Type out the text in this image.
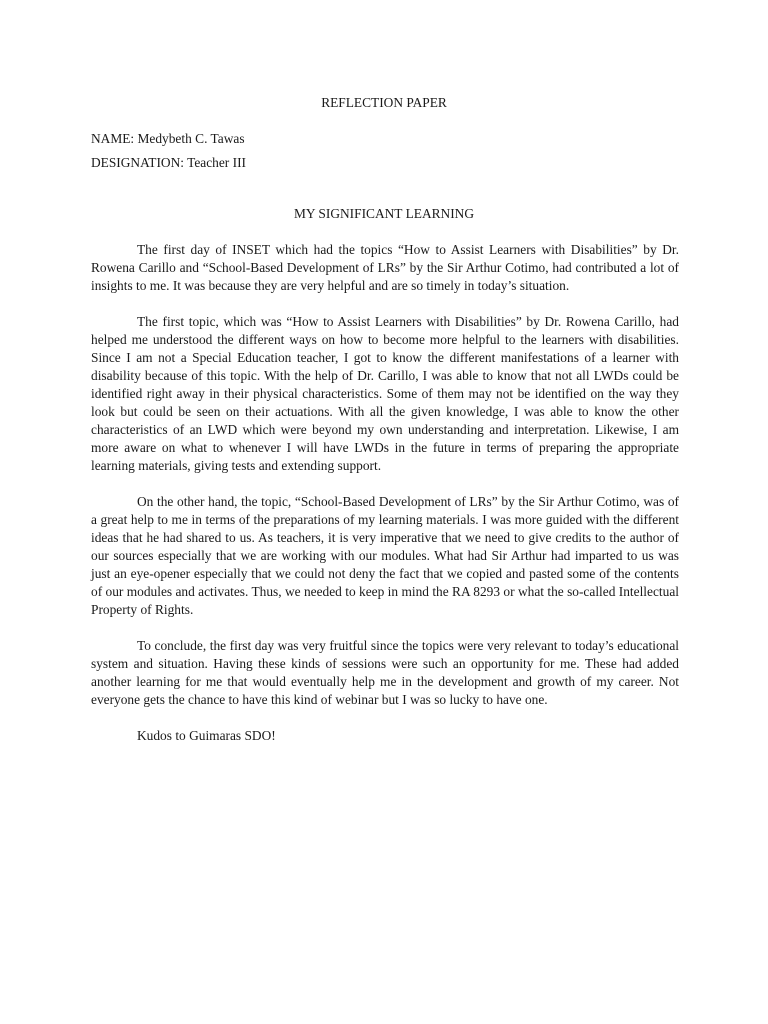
REFLECTION PAPER
NAME: Medybeth C. Tawas
DESIGNATION: Teacher III
MY SIGNIFICANT LEARNING

The first day of INSET which had the topics “How to Assist Learners with Disabilities” by Dr. Rowena Carillo and “School-Based Development of LRs” by the Sir Arthur Cotimo, had contributed a lot of insights to me. It was because they are very helpful and are so timely in today’s situation.

The first topic, which was “How to Assist Learners with Disabilities” by Dr. Rowena Carillo, had helped me understood the different ways on how to become more helpful to the learners with disabilities. Since I am not a Special Education teacher, I got to know the different manifestations of a learner with disability because of this topic. With the help of Dr. Carillo, I was able to know that not all LWDs could be identified right away in their physical characteristics. Some of them may not be identified on the way they look but could be seen on their actuations. With all the given knowledge, I was able to know the other characteristics of an LWD which were beyond my own understanding and interpretation. Likewise, I am more aware on what to whenever I will have LWDs in the future in terms of preparing the appropriate learning materials, giving tests and extending support.

On the other hand, the topic, “School-Based Development of LRs” by the Sir Arthur Cotimo, was of a great help to me in terms of the preparations of my learning materials. I was more guided with the different ideas that he had shared to us. As teachers, it is very imperative that we need to give credits to the author of our sources especially that we are working with our modules. What had Sir Arthur had imparted to us was just an eye-opener especially that we could not deny the fact that we copied and pasted some of the contents of our modules and activates. Thus, we needed to keep in mind the RA 8293 or what the so-called Intellectual Property of Rights.

To conclude, the first day was very fruitful since the topics were very relevant to today’s educational system and situation. Having these kinds of sessions were such an opportunity for me. These had added another learning for me that would eventually help me in the development and growth of my career. Not everyone gets the chance to have this kind of webinar but I was so lucky to have one.

Kudos to Guimaras SDO!
